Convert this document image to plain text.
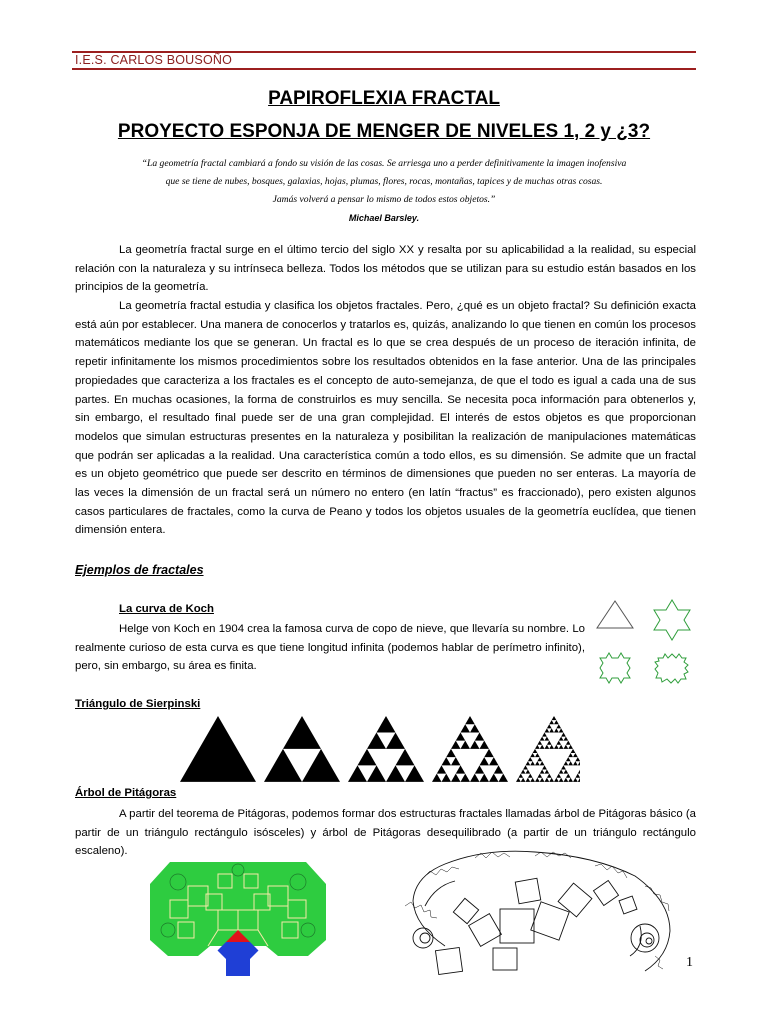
I.E.S. CARLOS BOUSOÑO
PAPIROFLEXIA FRACTAL
PROYECTO ESPONJA DE MENGER DE NIVELES 1, 2 y ¿3?
“La geometría fractal cambiará a fondo su visión de las cosas. Se arriesga uno a perder definitivamente la imagen inofensiva
que se tiene de nubes, bosques, galaxias, hojas, plumas, flores, rocas, montañas, tapices y de muchas otras cosas.
Jamás volverá a pensar lo mismo de todos estos objetos.”
Michael Barsley.
La geometría fractal surge en el último tercio del siglo XX y resalta por su aplicabilidad a la realidad, su especial relación con la naturaleza y su intrínseca belleza. Todos los métodos que se utilizan para su estudio están basados en los principios de la geometría.
La geometría fractal estudia y clasifica los objetos fractales. Pero, ¿qué es un objeto fractal? Su definición exacta está aún por establecer. Una manera de conocerlos y tratarlos es, quizás, analizando lo que tienen en común los procesos matemáticos mediante los que se generan. Un fractal es lo que se crea después de un proceso de iteración infinita, de repetir infinitamente los mismos procedimientos sobre los resultados obtenidos en la fase anterior. Una de las principales propiedades que caracteriza a los fractales es el concepto de auto-semejanza, de que el todo es igual a cada una de sus partes. En muchas ocasiones, la forma de construirlos es muy sencilla. Se necesita poca información para obtenerlos y, sin embargo, el resultado final puede ser de una gran complejidad. El interés de estos objetos es que proporcionan modelos que simulan estructuras presentes en la naturaleza y posibilitan la realización de manipulaciones matemáticas que podrán ser aplicadas a la realidad. Una característica común a todo ellos, es su dimensión. Se admite que un fractal es un objeto geométrico que puede ser descrito en términos de dimensiones que pueden no ser enteras. La mayoría de las veces la dimensión de un fractal será un número no entero (en latín “fractus” es fraccionado), pero existen algunos casos particulares de fractales, como la curva de Peano y todos los objetos usuales de la geometría euclídea, que tienen dimensión entera.
Ejemplos de fractales
La curva de Koch
Helge von Koch en 1904 crea la famosa curva de copo de nieve, que llevaría su nombre. Lo realmente curioso de esta curva es que tiene longitud infinita (podemos hablar de perímetro infinito), pero, sin embargo, su área es finita.
Triángulo de Sierpinski
Árbol de Pitágoras
A partir del teorema de Pitágoras, podemos formar dos estructuras fractales llamadas árbol de Pitágoras básico (a partir de un triángulo rectángulo isósceles) y árbol de Pitágoras desequilibrado (a partir de un triángulo rectángulo escaleno).
1
